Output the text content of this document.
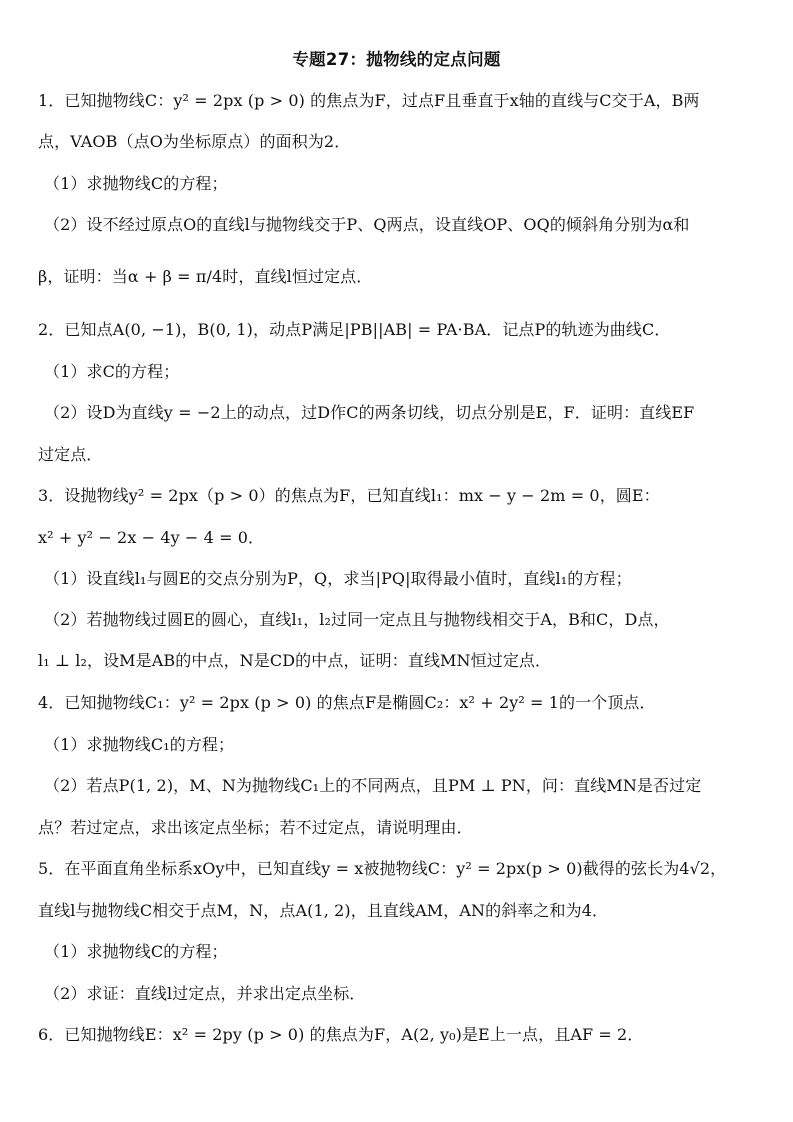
专题27：抛物线的定点问题
1．已知抛物线C：y² = 2px (p > 0) 的焦点为F，过点F且垂直于x轴的直线与C交于A，B两
点，VAOB（点O为坐标原点）的面积为2．
（1）求抛物线C的方程；
（2）设不经过原点O的直线l与抛物线交于P、Q两点，设直线OP、OQ的倾斜角分别为α和
β，证明：当α + β = π/4时，直线l恒过定点．
2．已知点A(0, −1)，B(0, 1)，动点P满足|PB||AB| = PA·BA．记点P的轨迹为曲线C．
（1）求C的方程；
（2）设D为直线y = −2上的动点，过D作C的两条切线，切点分别是E，F．证明：直线EF
过定点．
3．设抛物线y² = 2px（p > 0）的焦点为F，已知直线l₁：mx − y − 2m = 0，圆E：
x² + y² − 2x − 4y − 4 = 0．
（1）设直线l₁与圆E的交点分别为P，Q，求当|PQ|取得最小值时，直线l₁的方程；
（2）若抛物线过圆E的圆心，直线l₁，l₂过同一定点且与抛物线相交于A，B和C，D点，
l₁ ⊥ l₂，设M是AB的中点，N是CD的中点，证明：直线MN恒过定点．
4．已知抛物线C₁：y² = 2px (p > 0) 的焦点F是椭圆C₂：x² + 2y² = 1的一个顶点．
（1）求抛物线C₁的方程；
（2）若点P(1, 2)，M、N为抛物线C₁上的不同两点，且PM ⊥ PN，问：直线MN是否过定
点？若过定点，求出该定点坐标；若不过定点，请说明理由．
5．在平面直角坐标系xOy中，已知直线y = x被抛物线C：y² = 2px(p > 0)截得的弦长为4√2，
直线l与抛物线C相交于点M，N，点A(1, 2)，且直线AM，AN的斜率之和为4．
（1）求抛物线C的方程；
（2）求证：直线l过定点，并求出定点坐标．
6．已知抛物线E：x² = 2py (p > 0) 的焦点为F，A(2, y₀)是E上一点，且AF = 2．
